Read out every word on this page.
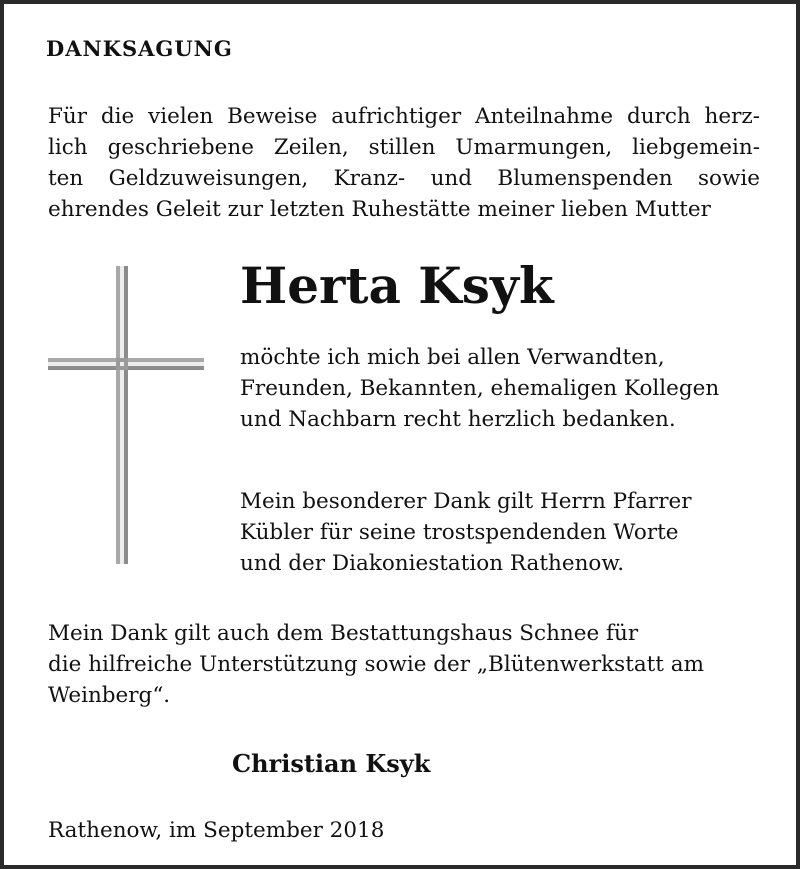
DANKSAGUNG
Für die vielen Beweise aufrichtiger Anteilnahme durch herz-
lich geschriebene Zeilen, stillen Umarmungen, liebgemein-
ten Geldzuweisungen, Kranz- und Blumenspenden sowie
ehrendes Geleit zur letzten Ruhestätte meiner lieben Mutter
Herta Ksyk
möchte ich mich bei allen Verwandten,
Freunden, Bekannten, ehemaligen Kollegen
und Nachbarn recht herzlich bedanken.
Mein besonderer Dank gilt Herrn Pfarrer
Kübler für seine trostspendenden Worte
und der Diakoniestation Rathenow.
Mein Dank gilt auch dem Bestattungshaus Schnee für
die hilfreiche Unterstützung sowie der „Blütenwerkstatt am
Weinberg“.
Christian Ksyk
Rathenow, im September 2018
